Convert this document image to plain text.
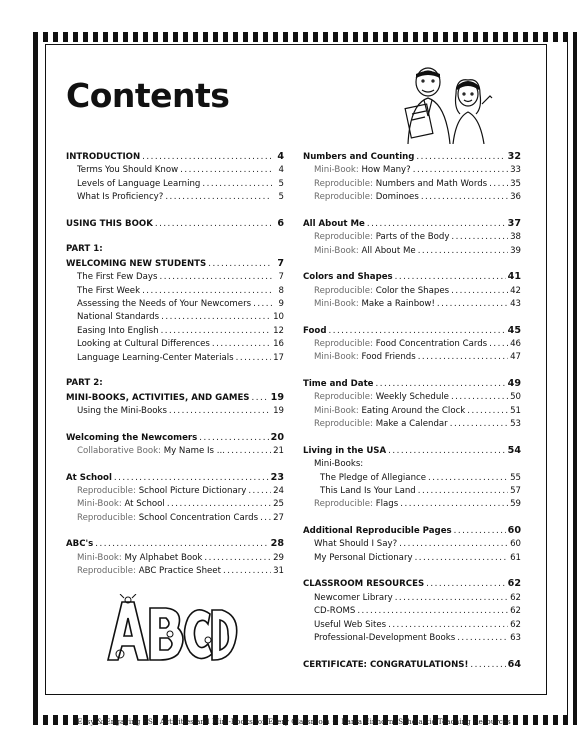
Contents
INTRODUCTION .....	4
Terms You Should Know .....	4
Levels of Language Learning .....	5
What Is Proficiency? .....	5
USING THIS BOOK .....	6
PART 1:
WELCOMING NEW STUDENTS .....	7
The First Few Days .....	7
The First Week .....	8
Assessing the Needs of Your Newcomers .....	9
National Standards .....	10
Easing Into English .....	12
Looking at Cultural Differences .....	16
Language Learning-Center Materials .....	17
PART 2:
MINI-BOOKS, ACTIVITIES, AND GAMES ..... 19
Using the Mini-Books .....	19
Welcoming the Newcomers .....	20
Collaborative Book: My Name Is ... .....	21
At School .....	23
Reproducible: School Picture Dictionary .....	24
Mini-Book: At School .....	25
Reproducible: School Concentration Cards ..... 27
ABC's .....	28
Mini-Book: My Alphabet Book .....	29
Reproducible: ABC Practice Sheet .....	31
Numbers and Counting .....	32
Mini-Book: How Many? .....	33
Reproducible: Numbers and Math Words .....	35
Reproducible: Dominoes .....	36
All About Me .....	37
Reproducible: Parts of the Body .....	38
Mini-Book: All About Me .....	39
Colors and Shapes .....	41
Reproducible: Color the Shapes .....	42
Mini-Book: Make a Rainbow! .....	43
Food .....	45
Reproducible: Food Concentration Cards .....	46
Mini-Book: Food Friends .....	47
Time and Date .....	49
Reproducible: Weekly Schedule .....	50
Mini-Book: Eating Around the Clock .....	51
Reproducible: Make a Calendar .....	53
Living in the USA .....	54
Mini-Books:
The Pledge of Allegiance .....	55
This Land Is Your Land .....	57
Reproducible: Flags .....	59
Additional Reproducible Pages .....	60
What Should I Say? .....	60
My Personal Dictionary .....	61
CLASSROOM RESOURCES .....	62
Newcomer Library .....	62
CD-ROMS .....	62
Useful Web Sites .....	62
Professional-Development Books .....	63
CERTIFICATE: CONGRATULATIONS! .....	64
Easy & Engaging ESL Activities and Mini-Books for Every Classroom © Kama Einhorn, Scholastic Teaching Resources
